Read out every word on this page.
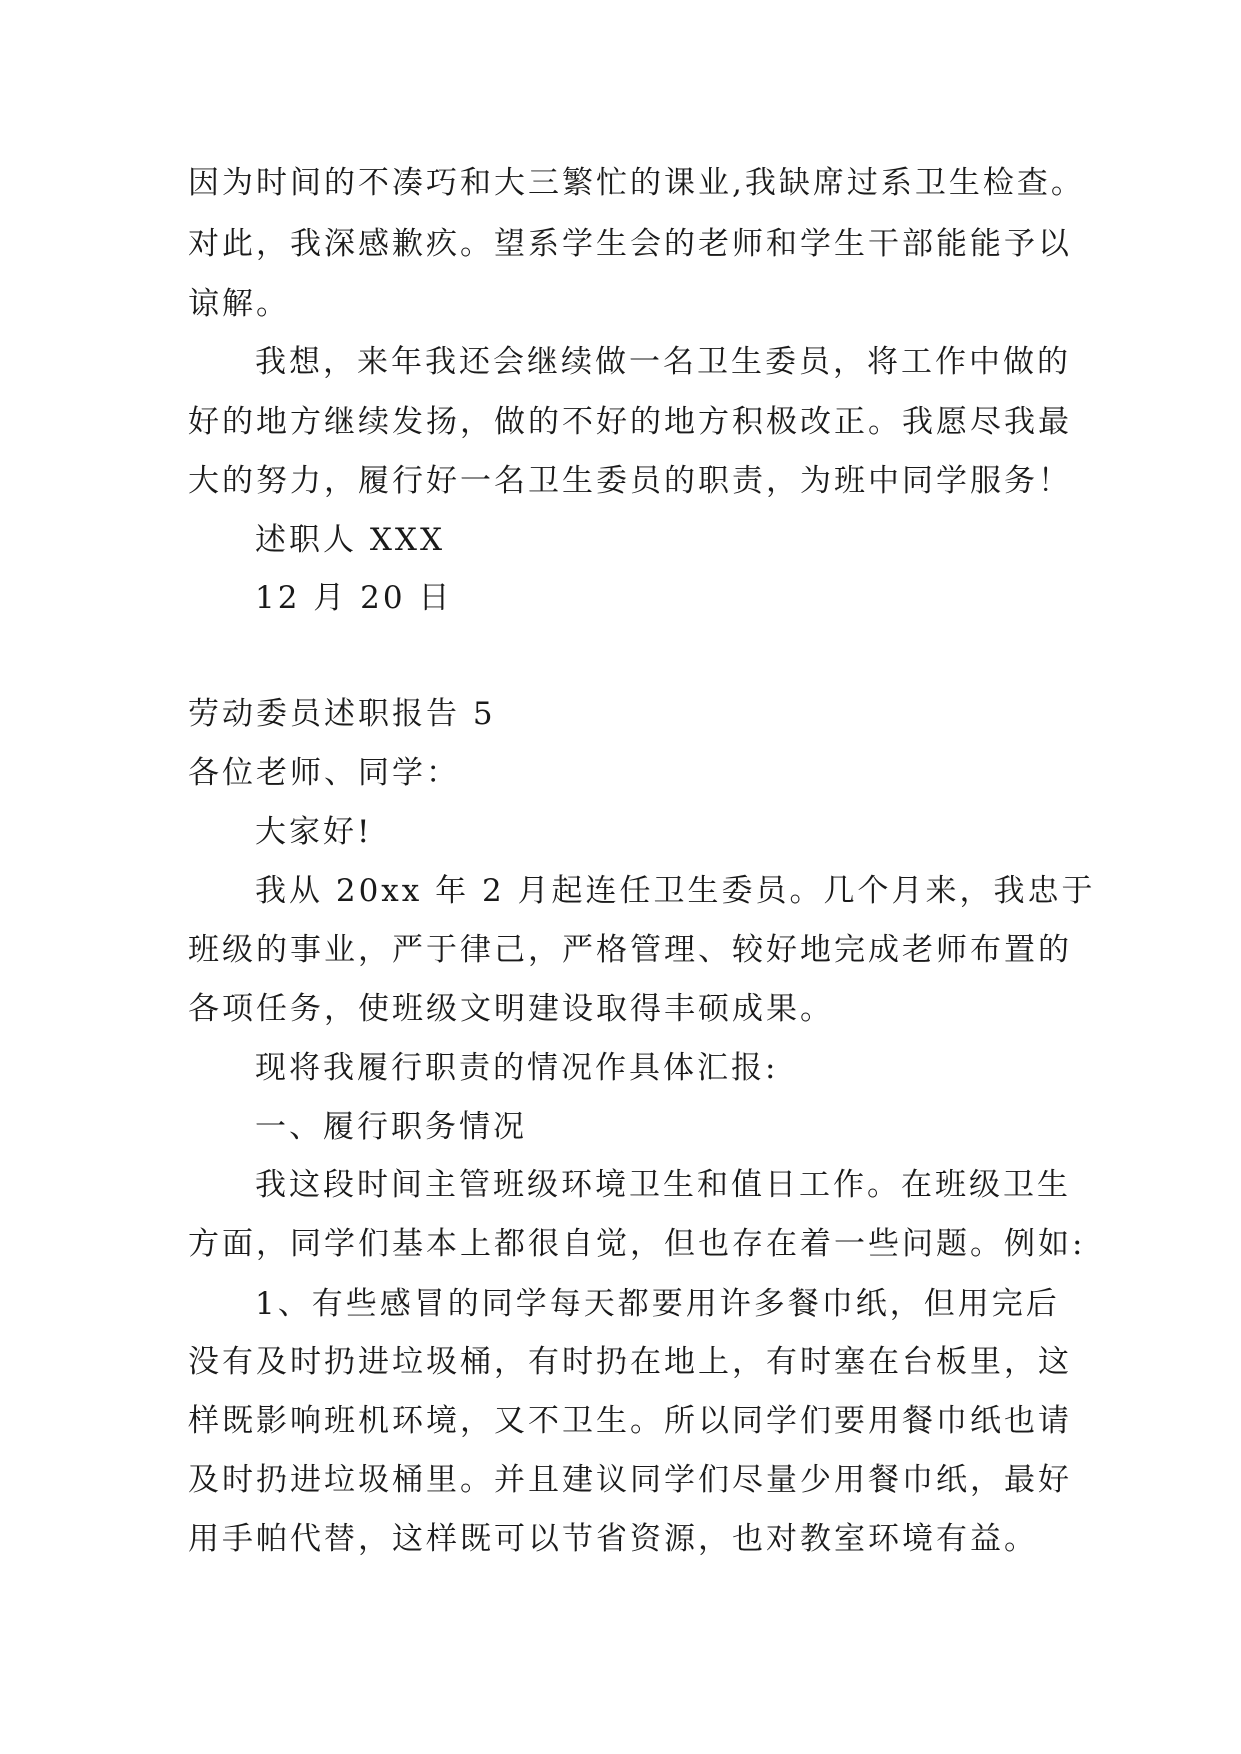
因为时间的不凑巧和大三繁忙的课业,我缺席过系卫生检查。
对此，我深感歉疚。望系学生会的老师和学生干部能能予以
谅解。
我想，来年我还会继续做一名卫生委员，将工作中做的
好的地方继续发扬，做的不好的地方积极改正。我愿尽我最
大的努力，履行好一名卫生委员的职责，为班中同学服务！
述职人 XXX
12 月 20 日
劳动委员述职报告 5
各位老师、同学：
大家好!
我从 20xx 年 2 月起连任卫生委员。几个月来，我忠于
班级的事业，严于律己，严格管理、较好地完成老师布置的
各项任务，使班级文明建设取得丰硕成果。
现将我履行职责的情况作具体汇报:
一、履行职务情况
我这段时间主管班级环境卫生和值日工作。在班级卫生
方面，同学们基本上都很自觉，但也存在着一些问题。例如:
1、有些感冒的同学每天都要用许多餐巾纸，但用完后
没有及时扔进垃圾桶，有时扔在地上，有时塞在台板里，这
样既影响班机环境，又不卫生。所以同学们要用餐巾纸也请
及时扔进垃圾桶里。并且建议同学们尽量少用餐巾纸，最好
用手帕代替，这样既可以节省资源，也对教室环境有益。
